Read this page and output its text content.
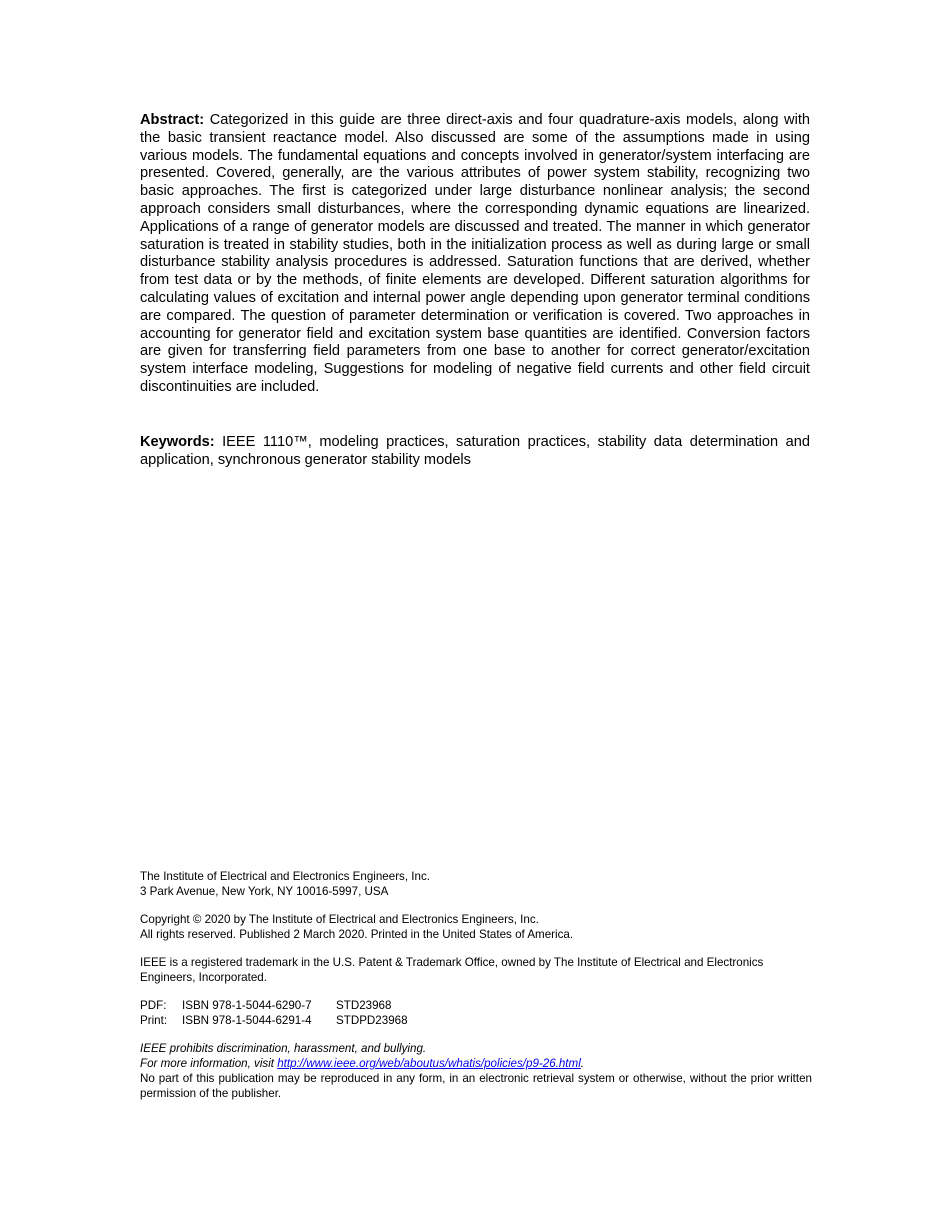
Abstract: Categorized in this guide are three direct-axis and four quadrature-axis models, along with the basic transient reactance model. Also discussed are some of the assumptions made in using various models. The fundamental equations and concepts involved in generator/system interfacing are presented. Covered, generally, are the various attributes of power system stability, recognizing two basic approaches. The first is categorized under large disturbance nonlinear analysis; the second approach considers small disturbances, where the corresponding dynamic equations are linearized. Applications of a range of generator models are discussed and treated. The manner in which generator saturation is treated in stability studies, both in the initialization process as well as during large or small disturbance stability analysis procedures is addressed. Saturation functions that are derived, whether from test data or by the methods, of finite elements are developed. Different saturation algorithms for calculating values of excitation and internal power angle depending upon generator terminal conditions are compared. The question of parameter determination or verification is covered. Two approaches in accounting for generator field and excitation system base quantities are identified. Conversion factors are given for transferring field parameters from one base to another for correct generator/excitation system interface modeling, Suggestions for modeling of negative field currents and other field circuit discontinuities are included.

Keywords: IEEE 1110™, modeling practices, saturation practices, stability data determination and application, synchronous generator stability models

The Institute of Electrical and Electronics Engineers, Inc.
3 Park Avenue, New York, NY 10016-5997, USA

Copyright © 2020 by The Institute of Electrical and Electronics Engineers, Inc.
All rights reserved. Published 2 March 2020. Printed in the United States of America.

IEEE is a registered trademark in the U.S. Patent & Trademark Office, owned by The Institute of Electrical and Electronics Engineers, Incorporated.

PDF:	ISBN 978-1-5044-6290-7	STD23968
Print:	ISBN 978-1-5044-6291-4	STDPD23968
IEEE prohibits discrimination, harassment, and bullying.
For more information, visit http://www.ieee.org/web/aboutus/whatis/policies/p9-26.html.

No part of this publication may be reproduced in any form, in an electronic retrieval system or otherwise, without the prior written permission of the publisher.
